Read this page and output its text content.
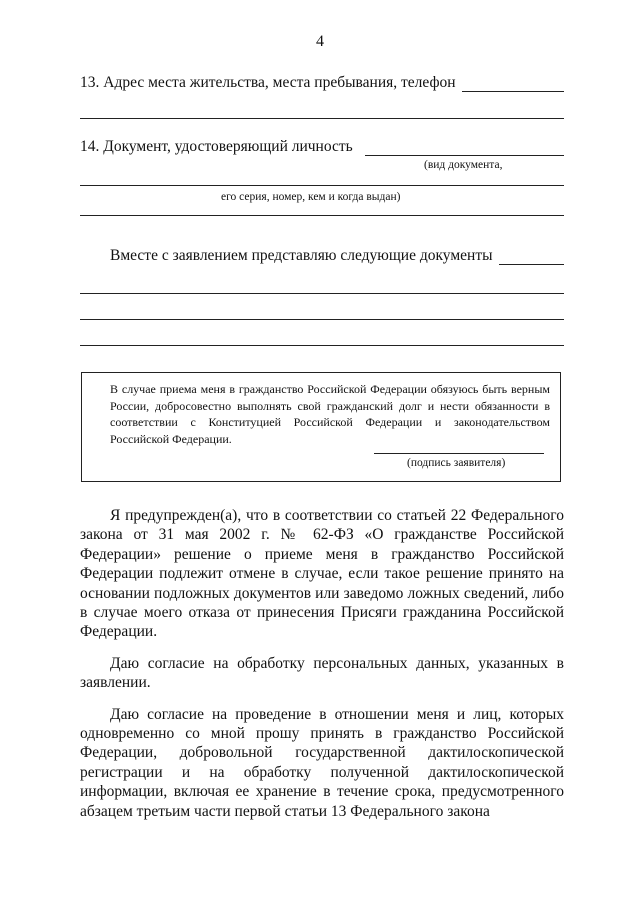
4
13. Адрес места жительства, места пребывания, телефон
14. Документ, удостоверяющий личность
(вид документа,
его серия, номер, кем и когда выдан)
Вместе с заявлением представляю следующие документы
В случае приема меня в гражданство Российской Федерации обязуюсь быть верным России, добросовестно выполнять свой гражданский долг и нести обязанности в соответствии с Конституцией Российской Федерации и законодательством Российской Федерации.
(подпись заявителя)

Я предупрежден(а), что в соответствии со статьей 22 Федерального закона от 31 мая 2002 г. № 62-ФЗ «О гражданстве Российской Федерации» решение о приеме меня в гражданство Российской Федерации подлежит отмене в случае, если такое решение принято на основании подложных документов или заведомо ложных сведений, либо в случае моего отказа от принесения Присяги гражданина Российской Федерации.

Даю согласие на обработку персональных данных, указанных в заявлении.

Даю согласие на проведение в отношении меня и лиц, которых одновременно со мной прошу принять в гражданство Российской Федерации, добровольной государственной дактилоскопической регистрации и на обработку полученной дактилоскопической информации, включая ее хранение в течение срока, предусмотренного абзацем третьим части первой статьи 13 Федерального закона
